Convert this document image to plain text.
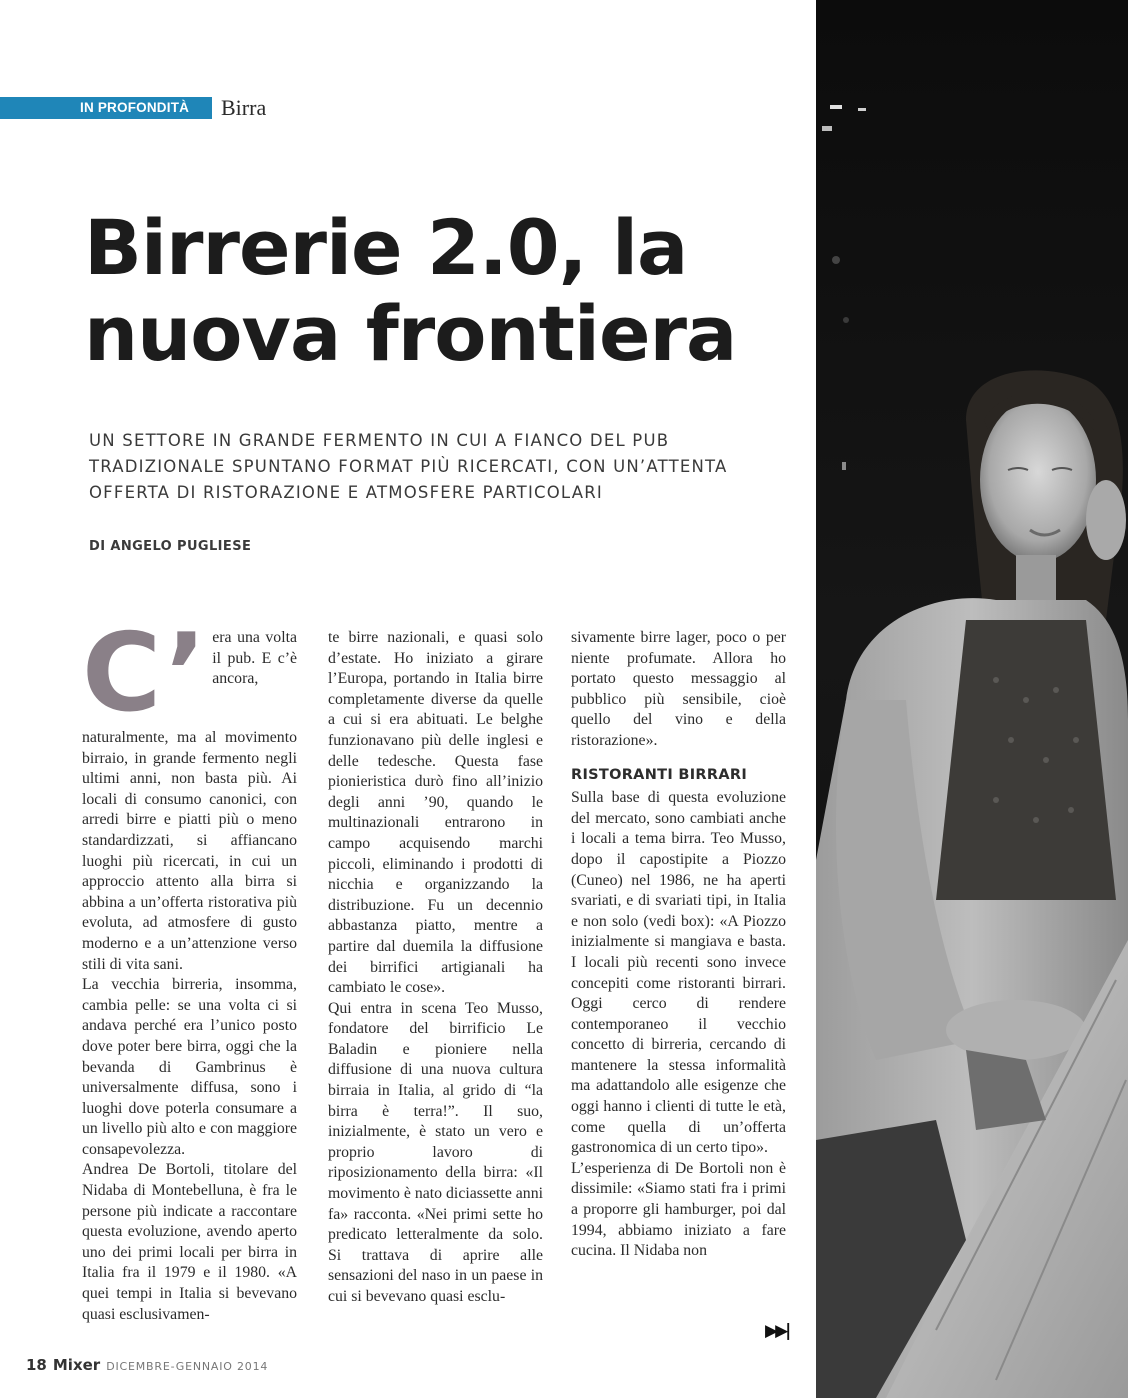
IN PROFONDITÀ	Birra
Birrerie 2.0, la
nuova frontiera
UN SETTORE IN GRANDE FERMENTO IN CUI A FIANCO DEL PUB
TRADIZIONALE SPUNTANO FORMAT PIÙ RICERCATI, CON UN’ATTENTA
OFFERTA DI RISTORAZIONE E ATMOSFERE PARTICOLARI
DI ANGELO PUGLIESE
C’ era una volta il pub. E c’è ancora, naturalmente, ma al movimento birraio, in grande fermento negli ultimi anni, non basta più. Ai locali di consumo canonici, con arredi birre e piatti più o meno standardizzati, si affiancano luoghi più ricercati, in cui un approccio attento alla birra si abbina a un’offerta ristorativa più evoluta, ad atmosfere di gusto moderno e a un’attenzione verso stili di vita sani.

La vecchia birreria, insomma, cambia pelle: se una volta ci si andava perché era l’unico posto dove poter bere birra, oggi che la bevanda di Gambrinus è universalmente diffusa, sono i luoghi dove poterla consumare a un livello più alto e con maggiore consapevolezza.

Andrea De Bortoli, titolare del Nidaba di Montebelluna, è fra le persone più indicate a raccontare questa evoluzione, avendo aperto uno dei primi locali per birra in Italia fra il 1979 e il 1980. «A quei tempi in Italia si bevevano quasi esclusivamen-

te birre nazionali, e quasi solo d’estate. Ho iniziato a girare l’Europa, portando in Italia birre completamente diverse da quelle a cui si era abituati. Le belghe funzionavano più delle inglesi e delle tedesche. Questa fase pionieristica durò fino all’inizio degli anni ’90, quando le multinazionali entrarono in campo acquisendo marchi piccoli, eliminando i prodotti di nicchia e organizzando la distribuzione. Fu un decennio abbastanza piatto, mentre a partire dal duemila la diffusione dei birrifici artigianali ha cambiato le cose».

Qui entra in scena Teo Musso, fondatore del birrificio Le Baladin e pioniere nella diffusione di una nuova cultura birraia in Italia, al grido di “la birra è terra!”. Il suo, inizialmente, è stato un vero e proprio lavoro di riposizionamento della birra: «Il movimento è nato diciassette anni fa» racconta. «Nei primi sette ho predicato letteralmente da solo. Si trattava di aprire alle sensazioni del naso in un paese in cui si bevevano quasi esclu-

sivamente birre lager, poco o per niente profumate. Allora ho portato questo messaggio al pubblico più sensibile, cioè quello del vino e della ristorazione».

RISTORANTI BIRRARI

Sulla base di questa evoluzione del mercato, sono cambiati anche i locali a tema birra. Teo Musso, dopo il capostipite a Piozzo (Cuneo) nel 1986, ne ha aperti svariati, e di svariati tipi, in Italia e non solo (vedi box): «A Piozzo inizialmente si mangiava e basta. I locali più recenti sono invece concepiti come ristoranti birrari. Oggi cerco di rendere contemporaneo il vecchio concetto di birreria, cercando di mantenere la stessa informalità ma adattandolo alle esigenze che oggi hanno i clienti di tutte le età, come quella di un’offerta gastronomica di un certo tipo».

L’esperienza di De Bortoli non è dissimile: «Siamo stati fra i primi a proporre gli hamburger, poi dal 1994, abbiamo iniziato a fare cucina. Il Nidaba non

▶▶|
18 Mixer DICEMBRE-GENNAIO 2014
